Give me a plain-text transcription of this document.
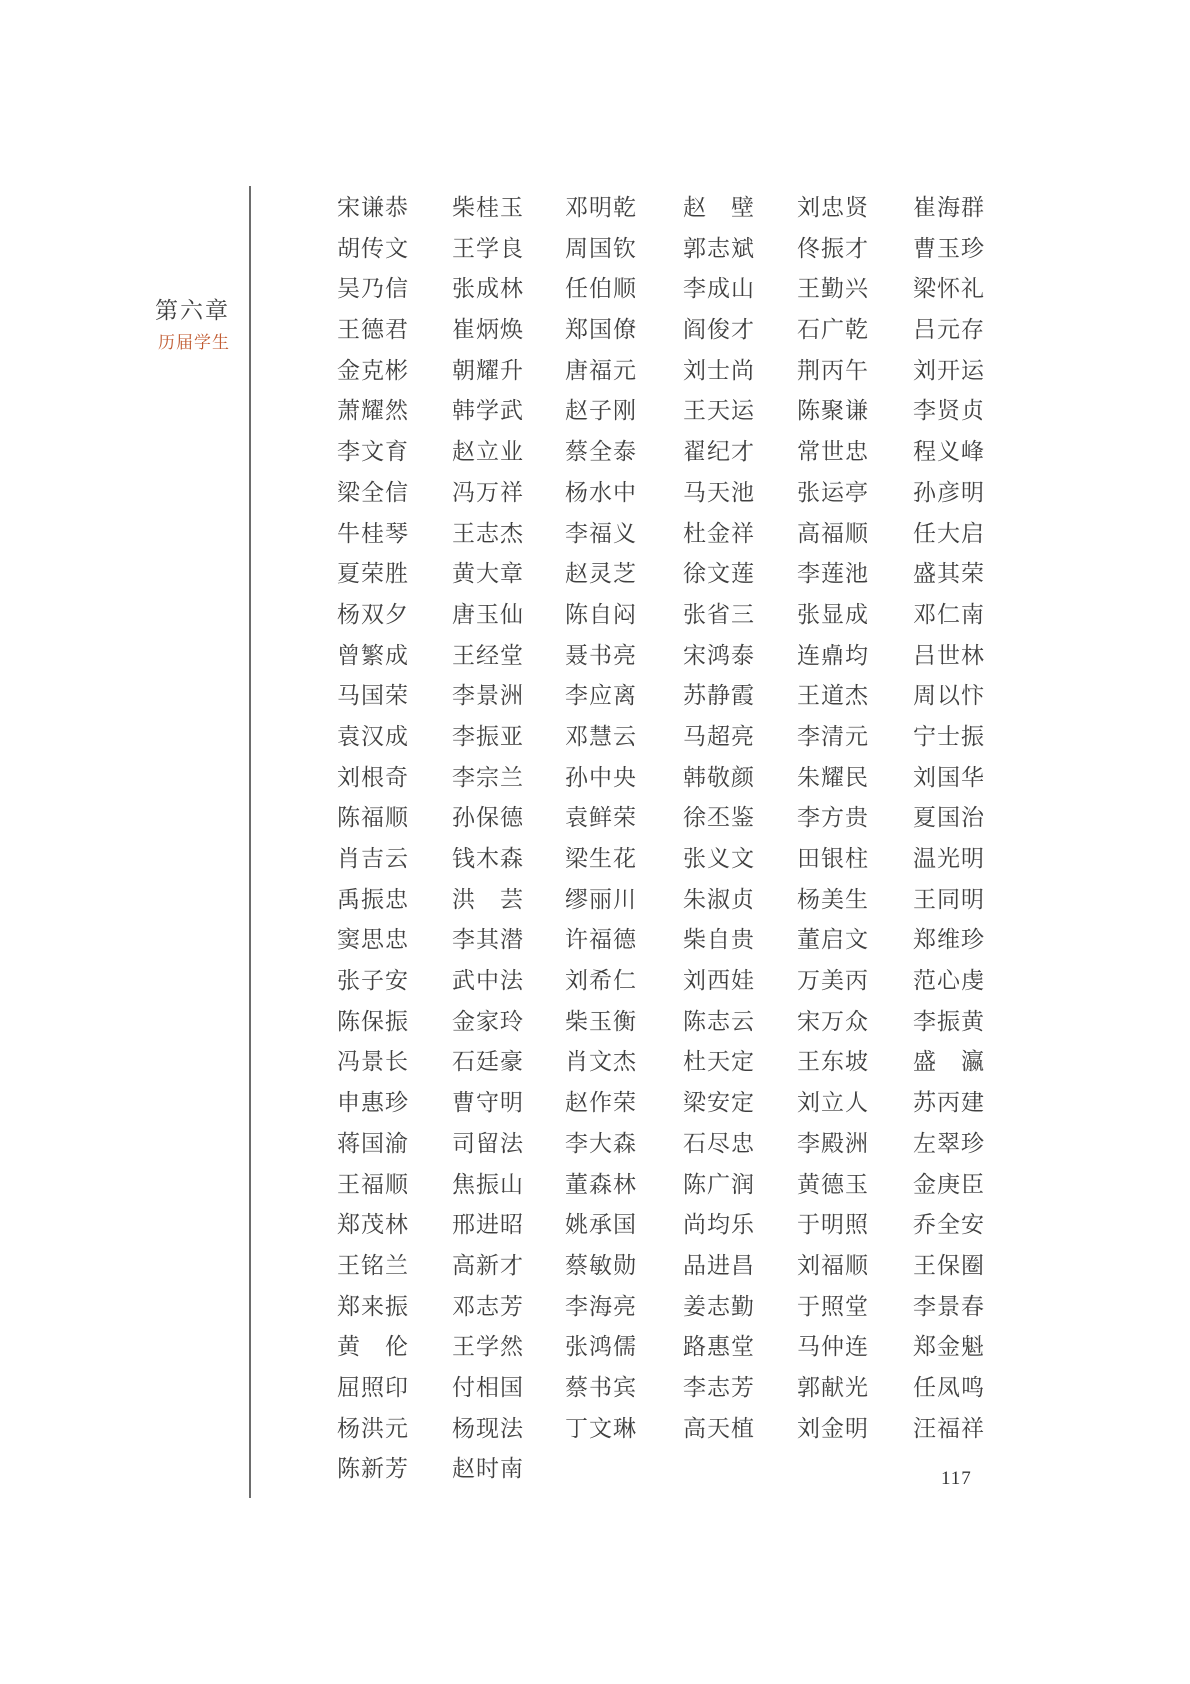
第六章
历届学生
宋谦恭	柴桂玉	邓明乾	赵　壁	刘忠贤	崔海群
胡传文	王学良	周国钦	郭志斌	佟振才	曹玉珍
吴乃信	张成林	任伯顺	李成山	王勤兴	梁怀礼
王德君	崔炳焕	郑国僚	阎俊才	石广乾	吕元存
金克彬	朝耀升	唐福元	刘士尚	荆丙午	刘开运
萧耀然	韩学武	赵子刚	王天运	陈聚谦	李贤贞
李文育	赵立业	蔡全泰	翟纪才	常世忠	程义峰
梁全信	冯万祥	杨水中	马天池	张运亭	孙彦明
牛桂琴	王志杰	李福义	杜金祥	高福顺	任大启
夏荣胜	黄大章	赵灵芝	徐文莲	李莲池	盛其荣
杨双夕	唐玉仙	陈自闷	张省三	张显成	邓仁南
曾繁成	王经堂	聂书亮	宋鸿泰	连鼑均	吕世林
马国荣	李景洲	李应离	苏静霞	王道杰	周以忭
袁汉成	李振亚	邓慧云	马超亮	李清元	宁士振
刘根奇	李宗兰	孙中央	韩敬颜	朱耀民	刘国华
陈福顺	孙保德	袁鲜荣	徐丕鉴	李方贵	夏国治
肖吉云	钱木森	梁生花	张义文	田银柱	温光明
禹振忠	洪　芸	缪丽川	朱淑贞	杨美生	王同明
窦思忠	李其潜	许福德	柴自贵	董启文	郑维珍
张子安	武中法	刘希仁	刘西娃	万美丙	范心虔
陈保振	金家玲	柴玉衡	陈志云	宋万众	李振黄
冯景长	石廷豪	肖文杰	杜天定	王东坡	盛　瀛
申惠珍	曹守明	赵作荣	梁安定	刘立人	苏丙建
蒋国渝	司留法	李大森	石尽忠	李殿洲	左翠珍
王福顺	焦振山	董森林	陈广润	黄德玉	金庚臣
郑茂林	邢进昭	姚承国	尚均乐	于明照	乔全安
王铭兰	高新才	蔡敏勋	品进昌	刘福顺	王保圈
郑来振	邓志芳	李海亮	姜志勤	于照堂	李景春
黄　伦	王学然	张鸿儒	路惠堂	马仲连	郑金魁
屈照印	付相国	蔡书宾	李志芳	郭献光	任凤鸣
杨洪元	杨现法	丁文琳	高天植	刘金明	汪福祥
陈新芳	赵时南	117
